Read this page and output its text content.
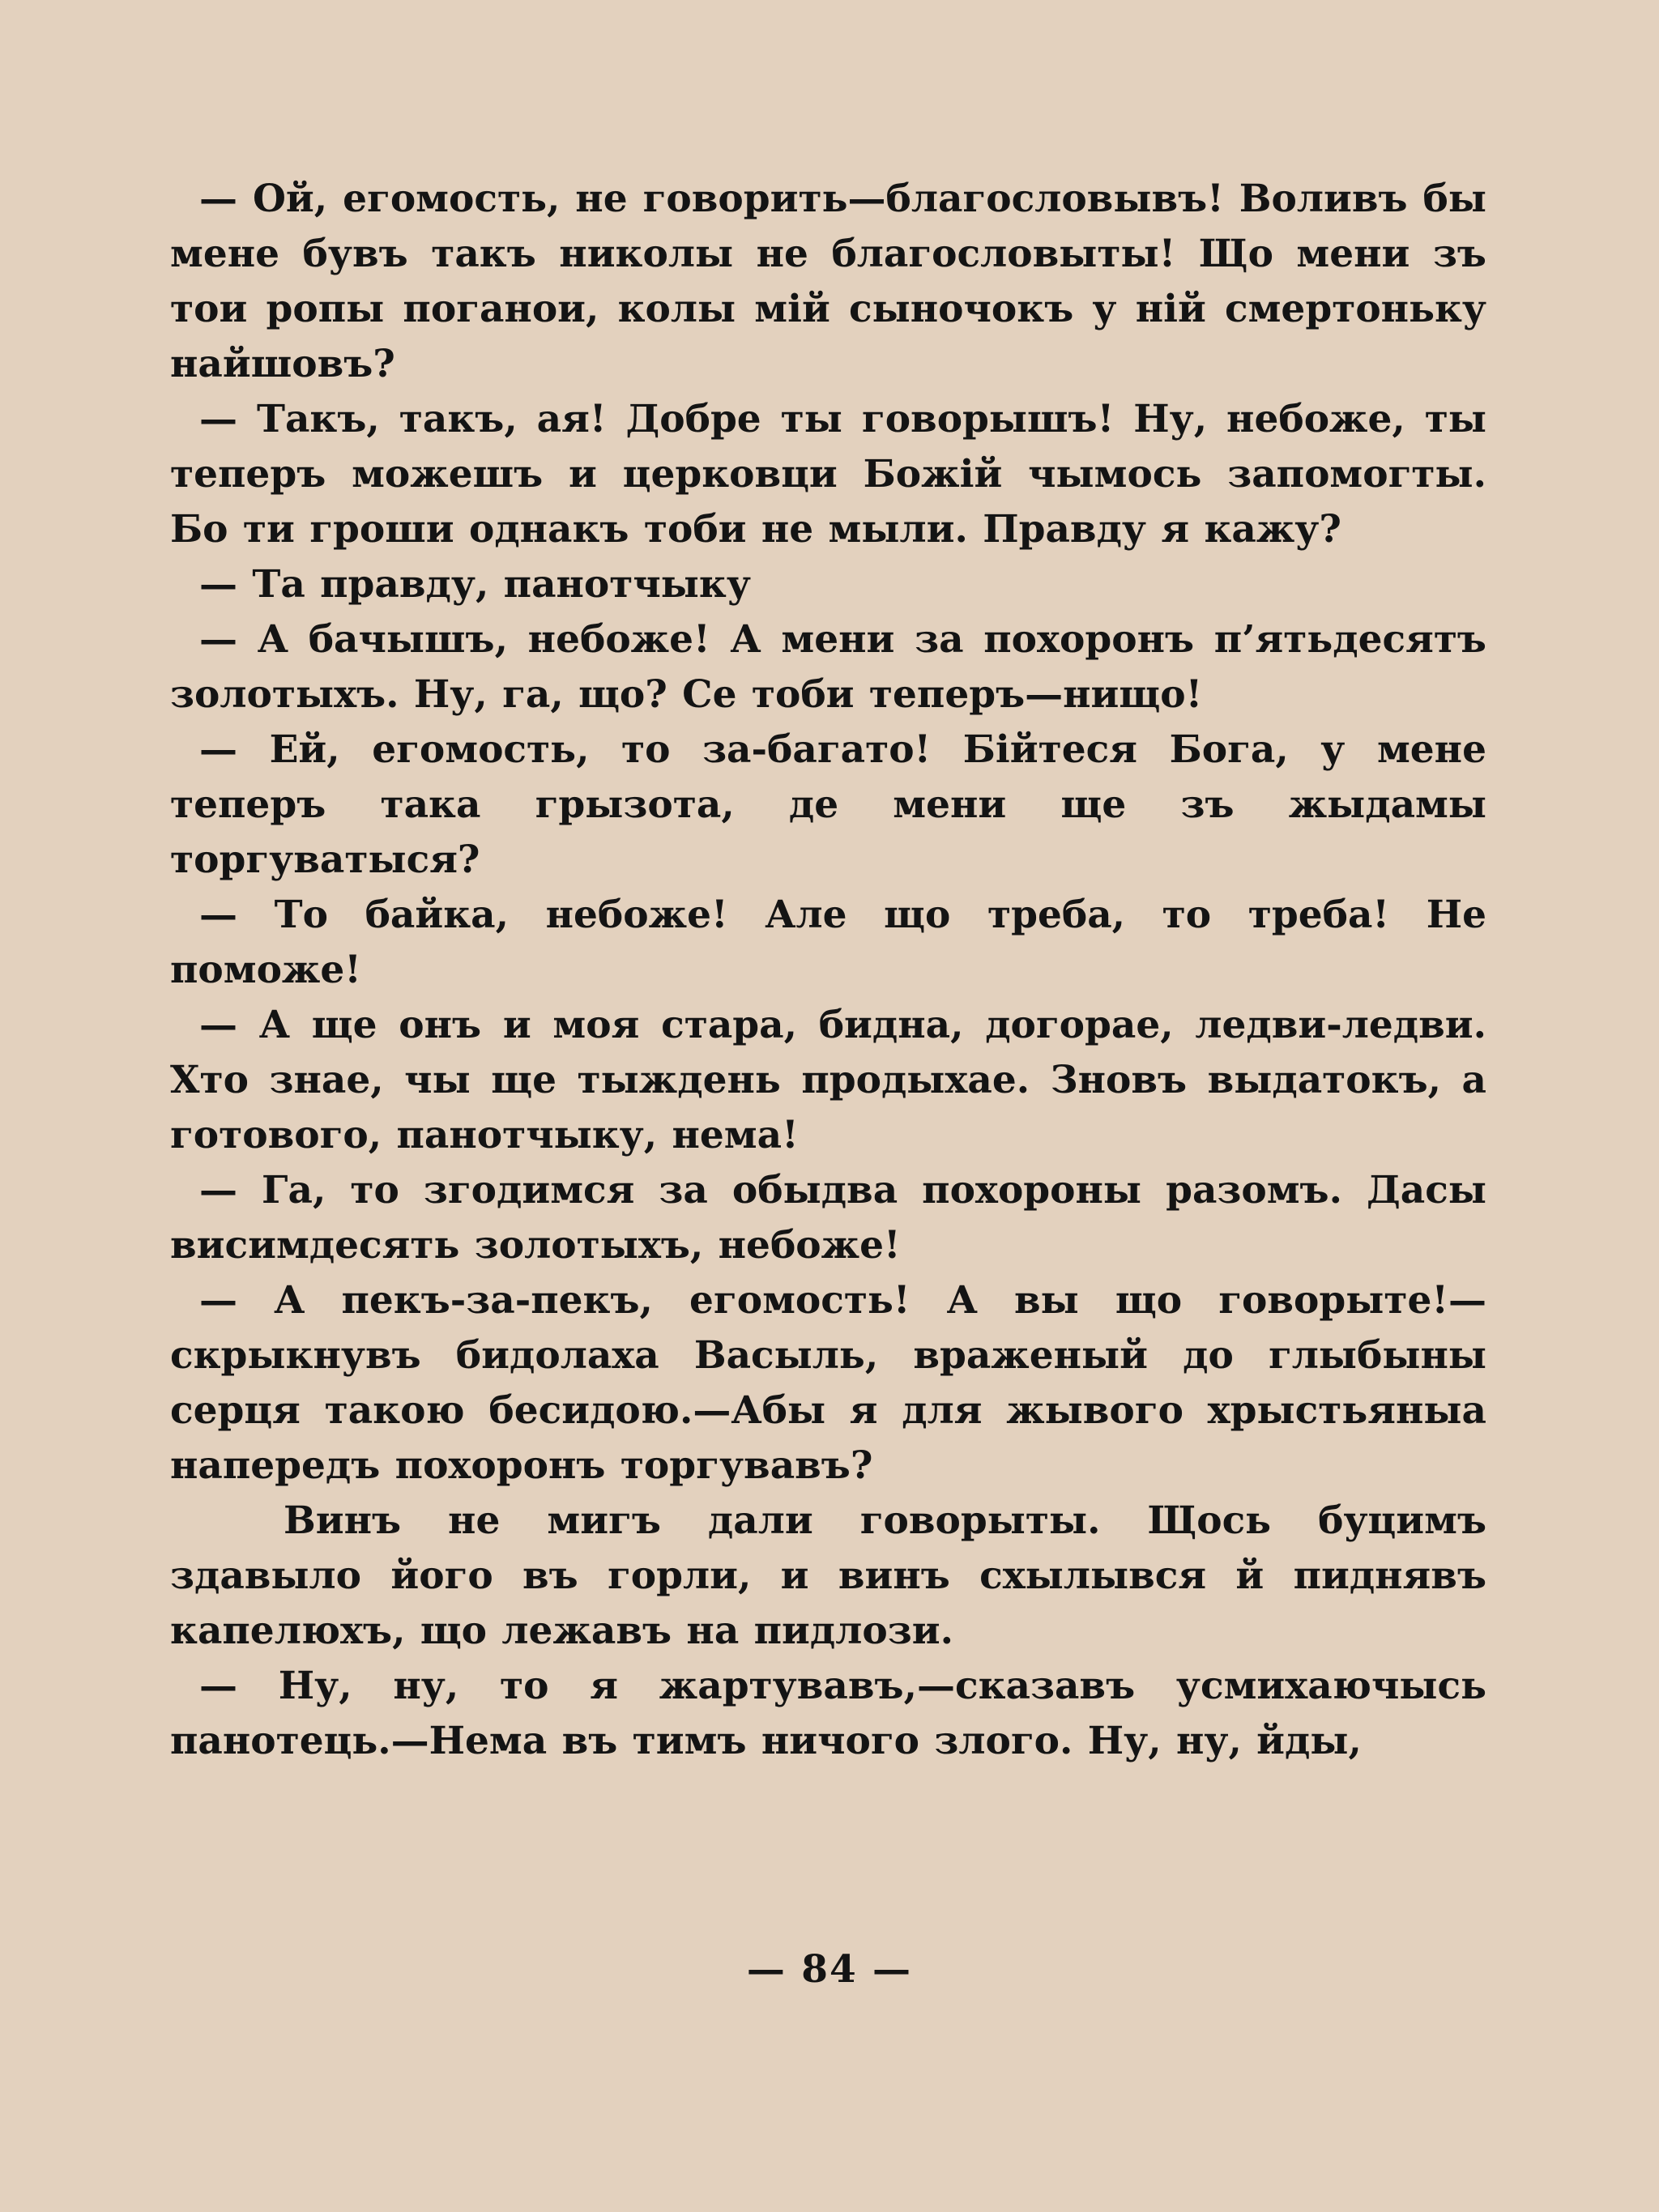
— Ой, егомость, не говорить—благословывъ! Воливъ бы мене бувъ такъ николы не благословыты! Що мени зъ тои ропы поганои, колы мій сыночокъ у ній смертоньку найшовъ?

— Такъ, такъ, ая! Добре ты говорышъ! Ну, небоже, ты теперъ можешъ и церковци Божій чымось запомогты. Бо ти гроши однакъ тоби не мыли. Правду я кажу?

— Та правду, панотчыку

— А бачышъ, небоже! А мени за похоронъ п’ятьдесятъ золотыхъ. Ну, га, що? Се тоби теперъ—нищо!

— Ей, егомость, то за-багато! Бійтеся Бога, у мене теперъ така грызота, де мени ще зъ жыдамы торгуватыся?

— То байка, небоже! Але що треба, то треба! Не поможе!

— А ще онъ и моя стара, бидна, догорае, ледви-ледви. Хто знае, чы ще тыждень продыхае. Зновъ выдатокъ, а готового, панотчыку, нема!

— Га, то згодимся за обыдва похороны разомъ. Дасы висимдесять золотыхъ, небоже!

— А пекъ-за-пекъ, егомость! А вы що говорыте!—скрыкнувъ бидолаха Васыль, враженый до глыбыны серця такою бесидою.—Абы я для жывого хрыстьяныа напередъ похоронъ торгувавъ?

Винъ не мигъ дали говорыты. Щось буцимъ здавыло його въ горли, и винъ схылывся й пиднявъ капелюхъ, що лежавъ на пидлози.

— Ну, ну, то я жартувавъ,—сказавъ усмихаючысь панотець.—Нема въ тимъ ничого злого. Ну, ну, йды,

— 84 —
